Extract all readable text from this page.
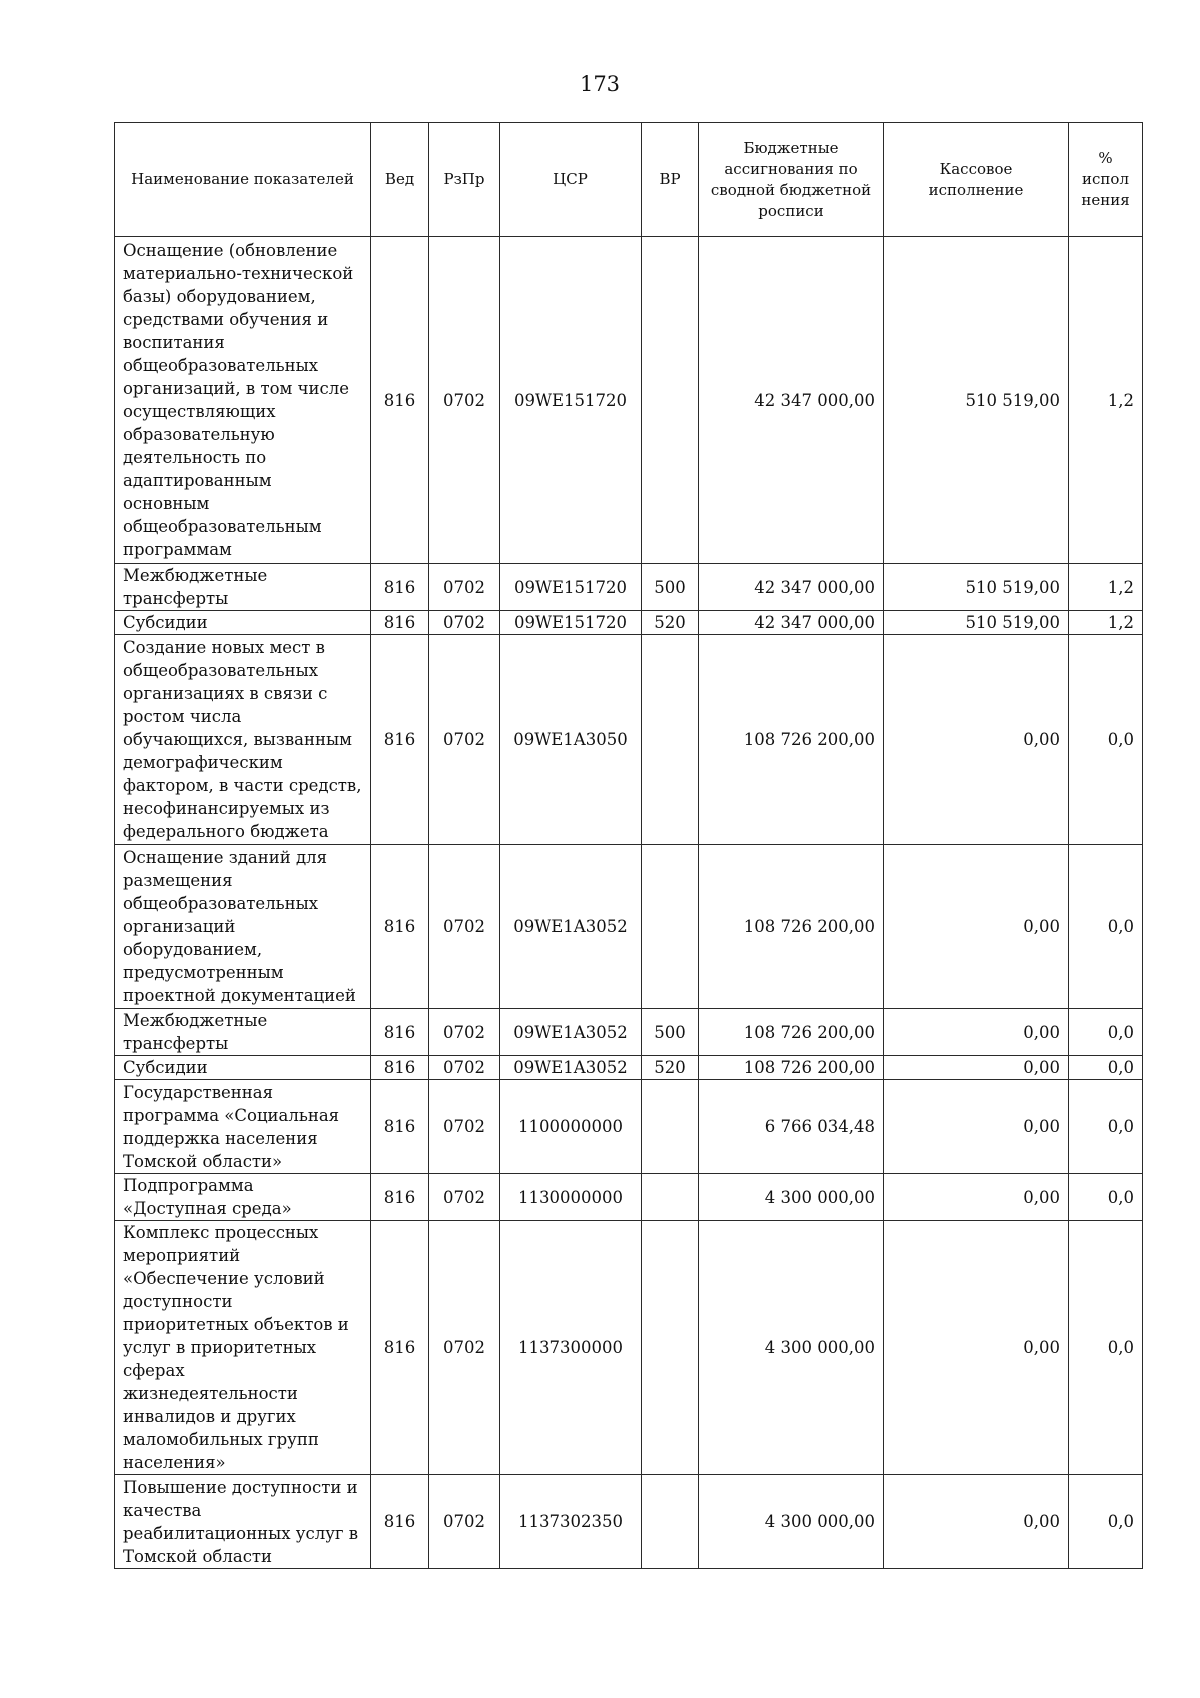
173
Наименование показателей	Вед	РзПр	ЦСР	ВР	Бюджетные ассигнования по сводной бюджетной росписи	Кассовое исполнение	% испол нения
Оснащение (обновление материально-технической базы) оборудованием, средствами обучения и воспитания общеобразовательных организаций, в том числе осуществляющих образовательную деятельность по адаптированным основным общеобразовательным программам	816	0702	09WE151720		42 347 000,00	510 519,00	1,2
Межбюджетные трансферты	816	0702	09WE151720	500	42 347 000,00	510 519,00	1,2
Субсидии	816	0702	09WE151720	520	42 347 000,00	510 519,00	1,2
Создание новых мест в общеобразовательных организациях в связи с ростом числа обучающихся, вызванным демографическим фактором, в части средств, несофинансируемых из федерального бюджета	816	0702	09WE1A3050		108 726 200,00	0,00	0,0
Оснащение зданий для размещения общеобразовательных организаций оборудованием, предусмотренным проектной документацией	816	0702	09WE1A3052		108 726 200,00	0,00	0,0
Межбюджетные трансферты	816	0702	09WE1A3052	500	108 726 200,00	0,00	0,0
Субсидии	816	0702	09WE1A3052	520	108 726 200,00	0,00	0,0
Государственная программа «Социальная поддержка населения Томской области»	816	0702	1100000000		6 766 034,48	0,00	0,0
Подпрограмма «Доступная среда»	816	0702	1130000000		4 300 000,00	0,00	0,0
Комплекс процессных мероприятий «Обеспечение условий доступности приоритетных объектов и услуг в приоритетных сферах жизнедеятельности инвалидов и других маломобильных групп населения»	816	0702	1137300000		4 300 000,00	0,00	0,0
Повышение доступности и качества реабилитационных услуг в Томской области	816	0702	1137302350		4 300 000,00	0,00	0,0
